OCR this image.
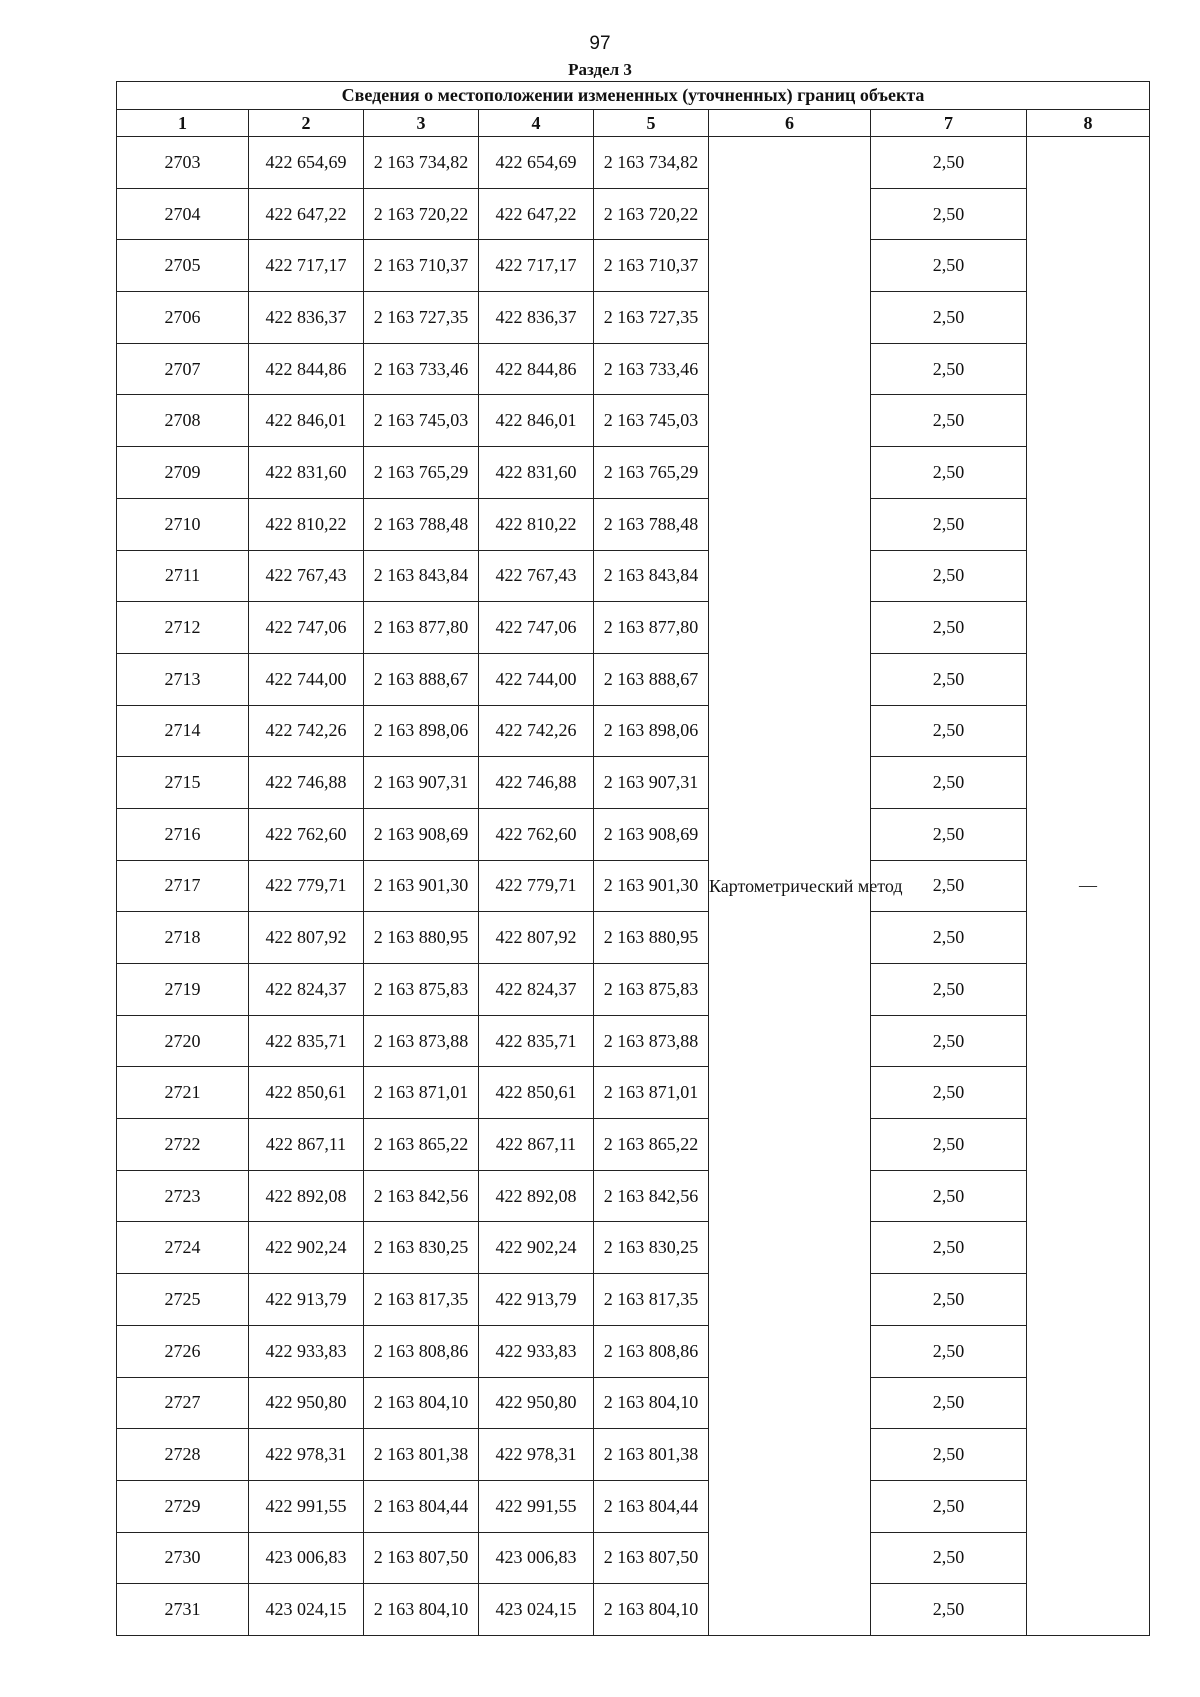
97
Раздел 3
Сведения о местоположении измененных (уточненных) границ объекта							
1	2	3	4	5	6	7	8
2703	422 654,69	2 163 734,82	422 654,69	2 163 734,82	Картометрический метод	2,50	—
2704	422 647,22	2 163 720,22	422 647,22	2 163 720,22		2,50	
2705	422 717,17	2 163 710,37	422 717,17	2 163 710,37		2,50	
2706	422 836,37	2 163 727,35	422 836,37	2 163 727,35		2,50	
2707	422 844,86	2 163 733,46	422 844,86	2 163 733,46		2,50	
2708	422 846,01	2 163 745,03	422 846,01	2 163 745,03		2,50	
2709	422 831,60	2 163 765,29	422 831,60	2 163 765,29		2,50	
2710	422 810,22	2 163 788,48	422 810,22	2 163 788,48		2,50	
2711	422 767,43	2 163 843,84	422 767,43	2 163 843,84		2,50	
2712	422 747,06	2 163 877,80	422 747,06	2 163 877,80		2,50	
2713	422 744,00	2 163 888,67	422 744,00	2 163 888,67		2,50	
2714	422 742,26	2 163 898,06	422 742,26	2 163 898,06		2,50	
2715	422 746,88	2 163 907,31	422 746,88	2 163 907,31		2,50	
2716	422 762,60	2 163 908,69	422 762,60	2 163 908,69		2,50	
2717	422 779,71	2 163 901,30	422 779,71	2 163 901,30		2,50	
2718	422 807,92	2 163 880,95	422 807,92	2 163 880,95		2,50	
2719	422 824,37	2 163 875,83	422 824,37	2 163 875,83		2,50	
2720	422 835,71	2 163 873,88	422 835,71	2 163 873,88		2,50	
2721	422 850,61	2 163 871,01	422 850,61	2 163 871,01		2,50	
2722	422 867,11	2 163 865,22	422 867,11	2 163 865,22		2,50	
2723	422 892,08	2 163 842,56	422 892,08	2 163 842,56		2,50	
2724	422 902,24	2 163 830,25	422 902,24	2 163 830,25		2,50	
2725	422 913,79	2 163 817,35	422 913,79	2 163 817,35		2,50	
2726	422 933,83	2 163 808,86	422 933,83	2 163 808,86		2,50	
2727	422 950,80	2 163 804,10	422 950,80	2 163 804,10		2,50	
2728	422 978,31	2 163 801,38	422 978,31	2 163 801,38		2,50	
2729	422 991,55	2 163 804,44	422 991,55	2 163 804,44		2,50	
2730	423 006,83	2 163 807,50	423 006,83	2 163 807,50		2,50	
2731	423 024,15	2 163 804,10	423 024,15	2 163 804,10		2,50	
